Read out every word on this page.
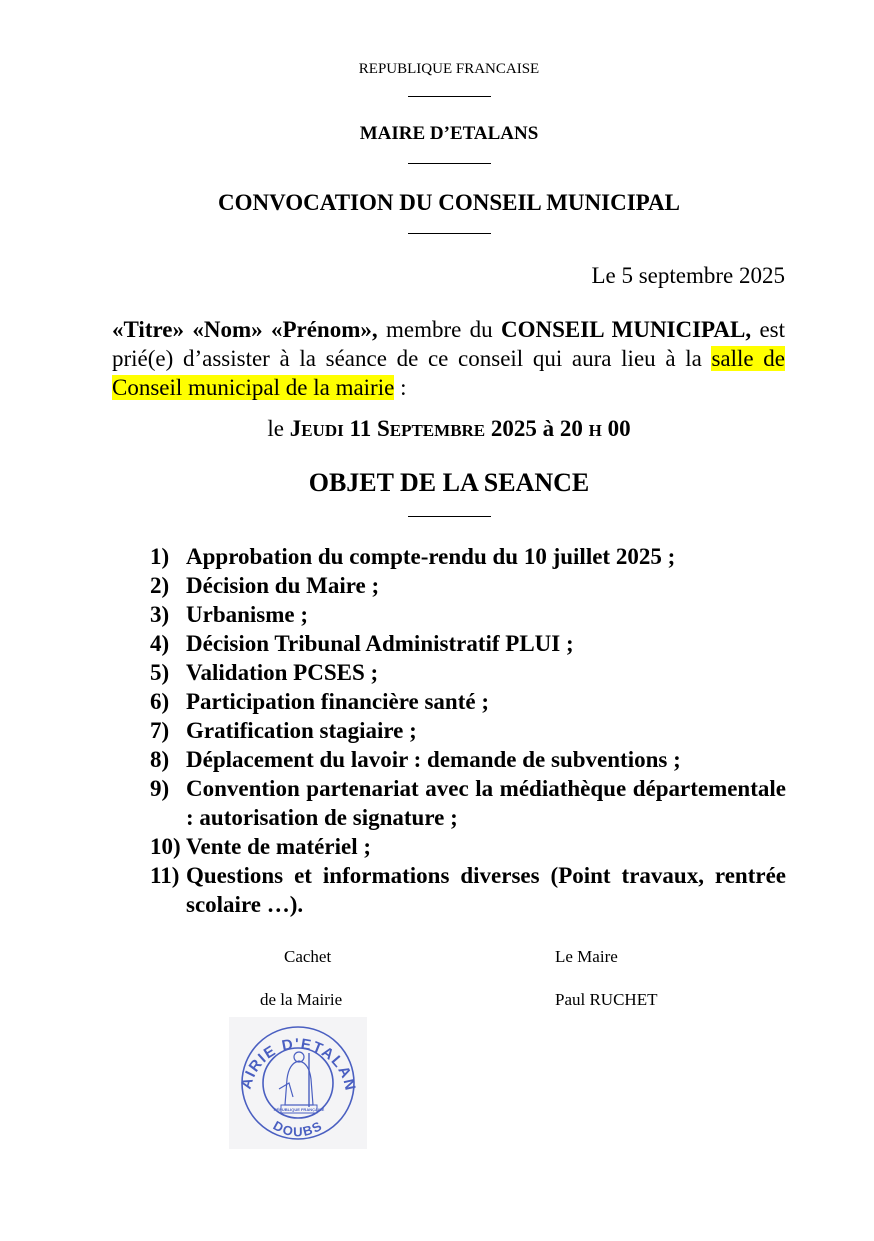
REPUBLIQUE FRANCAISE
MAIRE D’ETALANS
CONVOCATION DU CONSEIL MUNICIPAL
Le 5 septembre 2025
«Titre» «Nom» «Prénom», membre du CONSEIL MUNICIPAL, est prié(e) d’assister à la séance de ce conseil qui aura lieu à la salle de Conseil municipal de la mairie :
le JEUDI 11 SEPTEMBRE 2025 à 20 H 00
OBJET DE LA SEANCE
1) Approbation du compte-rendu du 10 juillet 2025 ;
2) Décision du Maire ;
3) Urbanisme ;
4) Décision Tribunal Administratif PLUI ;
5) Validation PCSES ;
6) Participation financière santé ;
7) Gratification stagiaire ;
8) Déplacement du lavoir : demande de subventions ;
9) Convention partenariat avec la médiathèque départementale : autorisation de signature ;
10) Vente de matériel ;
11) Questions et informations diverses (Point travaux, rentrée scolaire …).
Cachet
de la Mairie
Le Maire
Paul RUCHET
AIRIE D'ETALAN
DOUBS
RÉPUBLIQUE FRANÇAISE
